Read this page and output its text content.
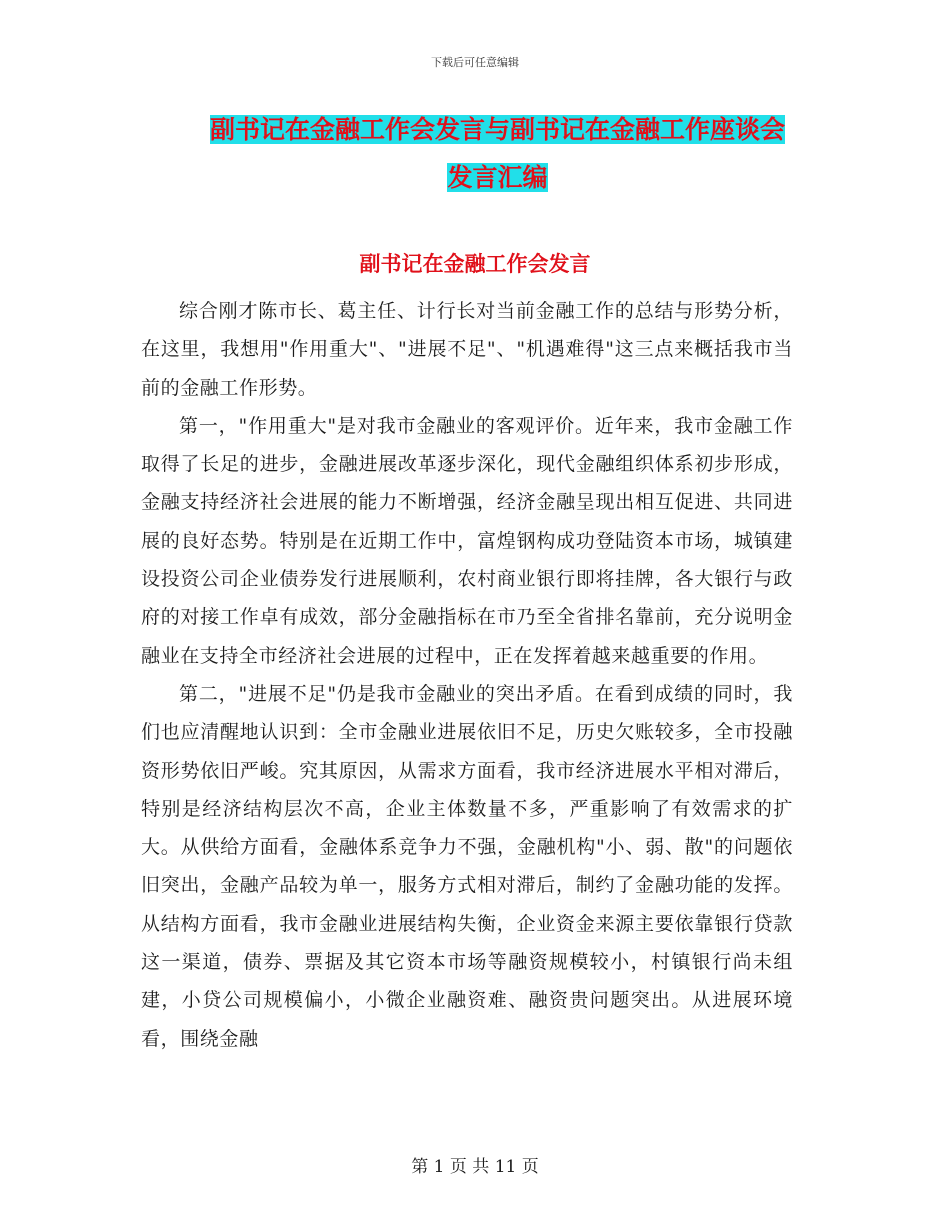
下载后可任意编辑
副书记在金融工作会发言与副书记在金融工作座谈会
发言汇编
副书记在金融工作会发言

综合刚才陈市长、葛主任、计行长对当前金融工作的总结与形势分析，在这里，我想用"作用重大"、"进展不足"、"机遇难得"这三点来概括我市当前的金融工作形势。

第一，"作用重大"是对我市金融业的客观评价。近年来，我市金融工作取得了长足的进步，金融进展改革逐步深化，现代金融组织体系初步形成，金融支持经济社会进展的能力不断增强，经济金融呈现出相互促进、共同进展的良好态势。特别是在近期工作中，富煌钢构成功登陆资本市场，城镇建设投资公司企业债券发行进展顺利，农村商业银行即将挂牌，各大银行与政府的对接工作卓有成效，部分金融指标在市乃至全省排名靠前，充分说明金融业在支持全市经济社会进展的过程中，正在发挥着越来越重要的作用。

第二，"进展不足"仍是我市金融业的突出矛盾。在看到成绩的同时，我们也应清醒地认识到：全市金融业进展依旧不足，历史欠账较多，全市投融资形势依旧严峻。究其原因，从需求方面看，我市经济进展水平相对滞后，特别是经济结构层次不高，企业主体数量不多，严重影响了有效需求的扩大。从供给方面看，金融体系竞争力不强，金融机构"小、弱、散"的问题依旧突出，金融产品较为单一，服务方式相对滞后，制约了金融功能的发挥。从结构方面看，我市金融业进展结构失衡，企业资金来源主要依靠银行贷款这一渠道，债券、票据及其它资本市场等融资规模较小，村镇银行尚未组建，小贷公司规模偏小，小微企业融资难、融资贵问题突出。从进展环境看，围绕金融

第 1 页 共 11 页
